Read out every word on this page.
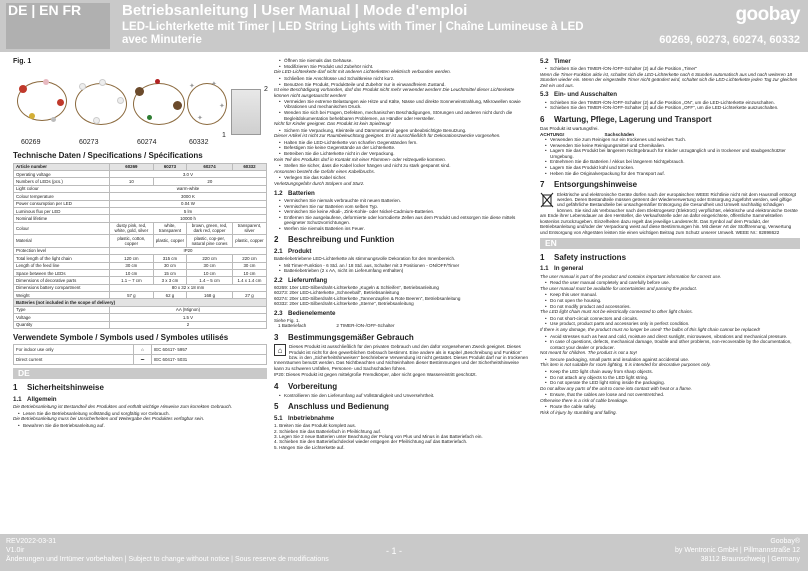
DE | EN FR	Betriebsanleitung | User Manual | Mode d'emploi
LED-Lichterkette mit Timer | LED String Lights with Timer | Chaîne Lumineuse à LED avec Minuterie
goobay
60269, 60273, 60274, 60332
Fig. 1
✦ ✦
✦
✦
2
1
60269	60273	60274	60332
Technische Daten / Specifications / Spécifications
Article number	60269	60273	60274	60332
Operating voltage	3.0 V			
Numbers of LEDs (pcs.)	10	20		
Light colour	warm-white			
Colour temperature	3000 K			
Power consumption per LED	0.04 W			
Luminous flux per LED	5 lm			
Nominal lifetime	10000 h			
Colour	dusty pink, red, white, gold, silver	white, transparent	brown, green, red, dark red, copper	transparent, silver
Material	plastic, cotton, copper	plastic, copper	plastic, cop-per, natural pine cones	plastic, copper
Protection level	IP20			
Total length of the light chain	120 cm	315 cm	220 cm	220 cm
Length of the feed line	30 cm	30 cm	30 cm	30 cm
Space between the LEDs	10 cm	15 cm	10 cm	10 cm
Dimensions of decorative parts	1.1 – 7 cm	3 x 3 cm	1.4 – 5 cm	1.4 x 1.4 cm
Dimensions battery compartment	80 x 32 x 18 mm			
Weight	57 g	62 g	168 g	27 g
Batteries (not included in the scope of delivery)				
Type	AA (Mignon)			
Voltage	1.5 V			
Quantity	2			
Verwendete Symbole / Symbols used / Symboles utilisés
For indoor use only	⌂	IEC 60417- 5957
Direct current	⎓	IEC 60417- 5031
DE
1 Sicherheitshinweise
1.1 Allgemein

Die Betriebsanleitung ist Bestandteil des Produktes und enthält wichtige Hinweise zum korrekten Gebrauch.

• Lesen Sie die Betriebsanleitung vollständig und sorgfältig vor Gebrauch.

Die Betriebsanleitung muss bei Unsicherheiten und Weitergabe des Produktes verfügbar sein.

• Bewahren Sie die Betriebsanleitung auf.
• Öffnen Sie niemals das Gehäuse.
• Modifizieren Sie Produkt und Zubehör nicht.

Die LED-Lichterkette darf nicht mit anderen Lichterketten elektrisch verbunden werden.

• Schließen Sie Anschlüsse und Schaltkreise nicht kurz.
• Benutzen Sie Produkt, Produktteile und Zubehör nur in einwandfreiem Zustand.

Ist eine Beschädigung vorhanden, darf das Produkt nicht mehr verwendet werden! Die Leuchtmittel dieser Lichterkette können nicht ausgetauscht werden!

• Vermeiden Sie extreme Belastungen wie Hitze und Kälte, Nässe und direkte Sonneneinstrahlung, Mikrowellen sowie Vibrationen und mechanischen Druck.
• Wenden Sie sich bei Fragen, Defekten, mechanischen Beschädigungen, Störungen und anderen nicht durch die Begleitdokumentation behebbaren Problemen, an Händler oder Hersteller.

Nicht für Kinder geeignet. Das Produkt ist kein Spielzeug!

• Sichern Sie Verpackung, Kleinteile und Dämmmaterial gegen unbeabsichtigte Benutzung.

Dieser Artikel ist nicht zur Raumbeleuchtung geeignet. Er ist ausschließlich für Dekorationszwecke vorgesehen.

• Halten Sie die LED-Lichterkette von scharfen Gegenständen fern.
• Befestigen Sie keine Gegenstände an der Lichterkette.
• Betreiben Sie die Lichterkette nicht in der Verpackung.

Kein Teil des Produkts darf in Kontakt mit einer Flammen- oder Hitzequelle kommen.

• Stellen Sie sicher, dass die Kabel locker hängen und nicht zu stark gespannt sind.

Ansonsten besteht die Gefahr eines Kabelbruchs.

• Verlegen Sie das Kabel sicher.

Verletzungsgefahr durch Stolpern und Sturz.

1.2 Batterien
• Vermischen Sie niemals verbrauchte mit neuen Batterien.
• Vermischen Sie nur Batterien vom selben Typ.
• Vermischen Sie keine Alkali-, Zink-Kohle- oder Nickel-Cadmium-Batterien.
• Entfernen Sie ausgelaufene, deformierte oder korrodierte Zellen aus dem Produkt und entsorgen Sie diese mittels geeigneter Schutzvorrichtungen.
• Werfen Sie niemals Batterien ins Feuer.
2 Beschreibung und Funktion
2.1 Produkt

Batteriebetriebene LED-Lichterkette als stimmungsvolle Dekoration für den Innenbereich.

• Mit Timer-Funktion - 6 Std. an / 18 Std. aus, Schalter mit 3 Positionen - ON/OFF/Timer
• Batteriebetrieben (2 x AA, nicht im Lieferumfang enthalten)
2.2 Lieferumfang

60269: 10er LED-Silberdraht-Lichterkette „Kugeln & Schleifen“, Betriebsanleitung

60273: 20er LED-Lichterkette „Schneeball“, Betriebsanleitung

60274: 20er LED-Silberdraht-Lichterkette „Tannenzapfen & Rote Beeren“, Betriebsanleitung

60332: 20er LED-Silberdraht-Lichterkette „Sterne“, Betriebsanleitung

2.3 Bedienelemente

Siehe Fig. 1.

1 Batteriefach	2 TIMER-/ON-/OFF-Schalter
3 Bestimmungsgemäßer Gebrauch
⌂	Dieses Produkt ist ausschließlich für den privaten Gebrauch und den dafür vorgesehenen Zweck geeignet. Dieses Produkt ist nicht für den gewerblichen Gebrauch bestimmt. Eine andere als in Kapitel „Beschreibung und Funktion“ bzw. in den „Sicherheitshinweisen“ beschriebene Verwendung ist nicht gestattet. Dieses Produkt darf nur in trockenen Innenräumen benutzt werden. Das Nichtbeachten und Nichteinhalten dieser Bestimmungen und der Sicherheitshinweise kann zu schweren Unfällen, Personen- und Sachschäden führen.

IP20: Dieses Produkt ist gegen mittelgroße Fremdkörper, aber nicht gegen Wassereintritt geschützt.

4 Vorbereitung
• Kontrollieren Sie den Lieferumfang auf Vollständigkeit und Unversehrtheit.
5 Anschluss und Bedienung
5.1 Inbetriebnahme

1. Breiten Sie das Produkt komplett aus.

2. Schieben Sie das Batteriefach in Pfeilrichtung auf.

3. Legen Sie 2 neue Batterien unter Beachtung der Polung von Plus und Minus in das Batteriefach ein.

4. Schieben Sie den Batteriefachdeckel wieder entgegen der Pfeilrichtung auf das Batteriefach.

5. Hängen Sie die Lichterkette auf.

5.2 Timer
• Schieben Sie den TIMER-/ON-/OFF-Schalter (2) auf die Position „Timer“

Wenn die Timer-Funktion aktiv ist, schaltet sich die LED-Lichterkette nach 6 Stunden automatisch aus und nach weiteren 18 Stunden wieder ein. Wenn der eingestellte Timer nicht geändert wird, schaltet sich die LED-Lichterkette jeden Tag zur gleichen Zeit ein und aus.

5.3 Ein- und Ausschalten
• Schieben Sie den TIMER-/ON-/OFF-Schalter (2) auf die Position „ON“, um die LED-Lichterkette einzuschalten.
• Schieben Sie den TIMER-/ON-/OFF-Schalter (2) auf die Position „OFF“, um die LED-Lichterkette auszuschalten.
6 Wartung, Pflege, Lagerung und Transport

Das Produkt ist wartungsfrei.

ACHTUNG!	Sachschäden

• Verwenden Sie zum Reinigen nur ein trockenes und weiches Tuch.
• Verwenden Sie keine Reinigungsmittel und Chemikalien.
• Lagern Sie das Produkt bei längerem Nichtgebrauch für Kinder unzugänglich und in trockener und staubgeschützter Umgebung.
• Entnehmen Sie die Batterien / Akkus bei längerem Nichtgebrauch.
• Lagern Sie das Produkt kühl und trocken.
• Heben Sie die Originalverpackung für den Transport auf.
7 Entsorgungshinweise

Elektrische und elektronische Geräte dürfen nach der europäischen WEEE Richtlinie nicht mit dem Hausmüll entsorgt werden. Deren Bestandteile müssen getrennt der Wiederverwertung oder Entsorgung zugeführt werden, weil giftige und gefährliche Bestandteile bei unsachgemäßer Entsorgung die Gesundheit und Umwelt nachhaltig schädigen können. Sie sind als Verbraucher nach dem Elektrogesetz (ElektroG) verpflichtet, elektrische und elektronische Geräte am Ende ihrer Lebensdauer an den Hersteller, die Verkaufsstelle oder an dafür eingerichtete, öffentliche Sammelstellen kostenlos zurückzugeben. Einzelheiten dazu regelt das jeweilige Landesrecht. Das Symbol auf dem Produkt, der Betriebsanleitung und/oder der Verpackung weist auf diese Bestimmungen hin. Mit dieser Art der Stofftrennung, Verwertung und Entsorgung von Altgeräten leisten Sie einen wichtigen Beitrag zum Schutz unserer Umwelt. WEEE Nr.: 82898622

EN
1 Safety instructions
1.1 In general

The user manual is part of the product and contains important information for correct use.

• Read the user manual completely and carefully before use.

The user manual must be available for uncertainties and passing the product.

• Keep this user manual.
• Do not open the housing.
• Do not modify product and accessories.

The LED light chain must not be electrically connected to other light chains.

• Do not short-circuit connectors and circuits.
• Use product, product parts and accessories only in perfect condition.

If there is any damage, the product must no longer be used! The bulbs of this light chain cannot be replaced!

• Avoid stresses such as heat and cold, moisture and direct sunlight, microwaves, vibrations and mechanical pressure.
• In case of questions, defects, mechanical damage, trouble and other problems, non-recoverable by the documentation, contact your dealer or producer.

Not meant for children. The product is not a toy!

• Secure packaging, small parts and insulation against accidental use.

This item is not suitable for room lighting. It is intended for decorative purposes only.

• Keep the LED light chain away from sharp objects.
• Do not attach any objects to the LED light string.
• Do not operate the LED light string inside the packaging.

Do not allow any parts of the unit to come into contact with heat or a flame.

• Ensure, that the cables are loose and not overstretched.

Otherwise there is a risk of cable breakage.

• Route the cable safely.

Risk of injury by stumbling and falling.

REV2022-03-31
V1.0ir
Änderungen und Irrtümer vorbehalten | Subject to change without notice | Sous reserve de modifications
- 1 -
Goobay®
by Wentronic GmbH | Pillmannstraße 12
38112 Braunschweig | Germany
